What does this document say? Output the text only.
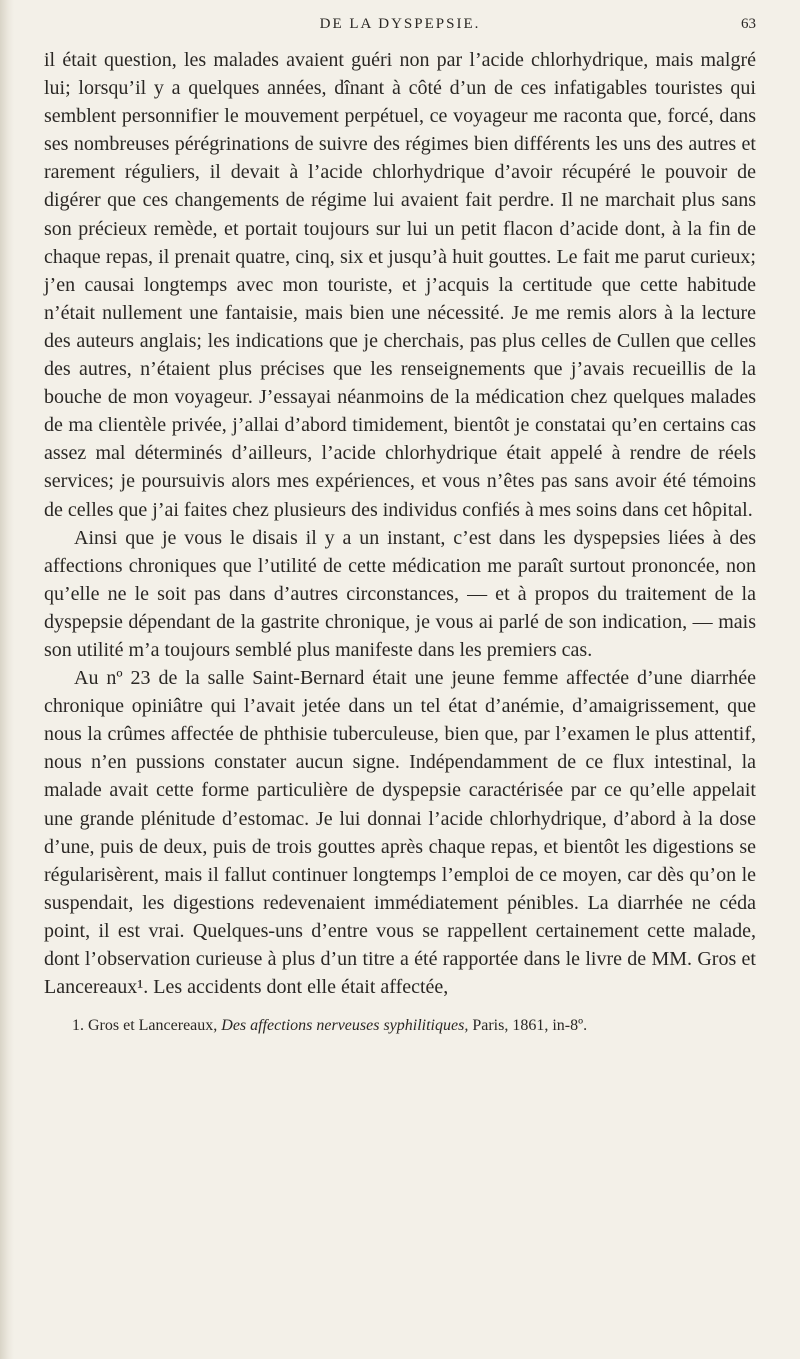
DE LA DYSPEPSIE.	63

il était question, les malades avaient guéri non par l’acide chlorhydrique, mais malgré lui; lorsqu’il y a quelques années, dînant à côté d’un de ces infatigables touristes qui semblent personnifier le mouvement perpétuel, ce voyageur me raconta que, forcé, dans ses nombreuses pérégrinations de suivre des régimes bien différents les uns des autres et rarement réguliers, il devait à l’acide chlorhydrique d’avoir récupéré le pouvoir de digérer que ces changements de régime lui avaient fait perdre. Il ne marchait plus sans son précieux remède, et portait toujours sur lui un petit flacon d’acide dont, à la fin de chaque repas, il prenait quatre, cinq, six et jusqu’à huit gouttes. Le fait me parut curieux; j’en causai longtemps avec mon touriste, et j’acquis la certitude que cette habitude n’était nullement une fantaisie, mais bien une nécessité. Je me remis alors à la lecture des auteurs anglais; les indications que je cherchais, pas plus celles de Cullen que celles des autres, n’étaient plus précises que les renseignements que j’avais recueillis de la bouche de mon voyageur. J’essayai néanmoins de la médication chez quelques malades de ma clientèle privée, j’allai d’abord timidement, bientôt je constatai qu’en certains cas assez mal déterminés d’ailleurs, l’acide chlorhydrique était appelé à rendre de réels services; je poursuivis alors mes expériences, et vous n’êtes pas sans avoir été témoins de celles que j’ai faites chez plusieurs des individus confiés à mes soins dans cet hôpital.

Ainsi que je vous le disais il y a un instant, c’est dans les dyspepsies liées à des affections chroniques que l’utilité de cette médication me paraît surtout prononcée, non qu’elle ne le soit pas dans d’autres circonstances, — et à propos du traitement de la dyspepsie dépendant de la gastrite chronique, je vous ai parlé de son indication, — mais son utilité m’a toujours semblé plus manifeste dans les premiers cas.

Au nº 23 de la salle Saint-Bernard était une jeune femme affectée d’une diarrhée chronique opiniâtre qui l’avait jetée dans un tel état d’anémie, d’amaigrissement, que nous la crûmes affectée de phthisie tuberculeuse, bien que, par l’examen le plus attentif, nous n’en pussions constater aucun signe. Indépendamment de ce flux intestinal, la malade avait cette forme particulière de dyspepsie caractérisée par ce qu’elle appelait une grande plénitude d’estomac. Je lui donnai l’acide chlorhydrique, d’abord à la dose d’une, puis de deux, puis de trois gouttes après chaque repas, et bientôt les digestions se régularisèrent, mais il fallut continuer longtemps l’emploi de ce moyen, car dès qu’on le suspendait, les digestions redevenaient immédiatement pénibles. La diarrhée ne céda point, il est vrai. Quelques-uns d’entre vous se rappellent certainement cette malade, dont l’observation curieuse à plus d’un titre a été rapportée dans le livre de MM. Gros et Lancereaux¹. Les accidents dont elle était affectée,

1. Gros et Lancereaux, Des affections nerveuses syphilitiques, Paris, 1861, in-8º.
